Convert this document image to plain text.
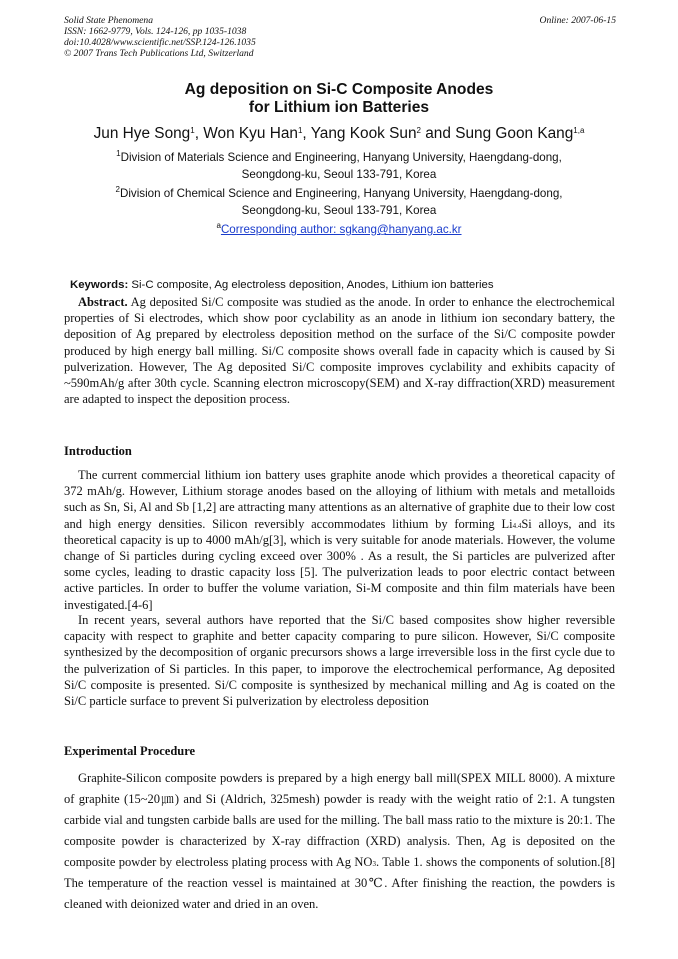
Solid State Phenomena
ISSN: 1662-9779, Vols. 124-126, pp 1035-1038
doi:10.4028/www.scientific.net/SSP.124-126.1035
© 2007 Trans Tech Publications Ltd, Switzerland
Online: 2007-06-15
Ag deposition on Si-C Composite Anodes
for Lithium ion Batteries
Jun Hye Song$^1$, Won Kyu Han$^1$, Yang Kook Sun$^2$ and Sung Goon Kang$^{1,a}$
$^1$Division of Materials Science and Engineering, Hanyang University, Haengdang-dong,
Seongdong-ku, Seoul 133-791, Korea
$^2$Division of Chemical Science and Engineering, Hanyang University, Haengdang-dong,
Seongdong-ku, Seoul 133-791, Korea
$^a$Corresponding author: sgkang@hanyang.ac.kr
Keywords: Si-C composite, Ag electroless deposition, Anodes, Lithium ion batteries
Abstract. Ag deposited Si/C composite was studied as the anode. In order to enhance the electrochemical properties of Si electrodes, which show poor cyclability as an anode in lithium ion secondary battery, the deposition of Ag prepared by electroless deposition method on the surface of the Si/C composite powder produced by high energy ball milling. Si/C composite shows overall fade in capacity which is caused by Si pulverization. However, The Ag deposited Si/C composite improves cyclability and exhibits capacity of ~590mAh/g after 30th cycle. Scanning electron microscopy(SEM) and X-ray diffraction(XRD) measurement are adapted to inspect the deposition process.
Introduction
The current commercial lithium ion battery uses graphite anode which provides a theoretical capacity of 372 mAh/g. However, Lithium storage anodes based on the alloying of lithium with metals and metalloids such as Sn, Si, Al and Sb [1,2] are attracting many attentions as an alternative of graphite due to their low cost and high energy densities. Silicon reversibly accommodates lithium by forming Li4.4Si alloys, and its theoretical capacity is up to 4000 mAh/g[3], which is very suitable for anode materials. However, the volume change of Si particles during cycling exceed over 300% . As a result, the Si particles are pulverized after some cycles, leading to drastic capacity loss [5]. The pulverization leads to poor electric contact between active particles. In order to buffer the volume variation, Si-M composite and thin film materials have been investigated.[4-6]
In recent years, several authors have reported that the Si/C based composites show higher reversible capacity with respect to graphite and better capacity comparing to pure silicon. However, Si/C composite synthesized by the decomposition of organic precursors shows a large irreversible loss in the first cycle due to the pulverization of Si particles. In this paper, to imporove the electrochemical performance, Ag deposited Si/C composite is presented. Si/C composite is synthesized by mechanical milling and Ag is coated on the Si/C particle surface to prevent Si pulverization by electroless deposition
Experimental Procedure
Graphite-Silicon composite powders is prepared by a high energy ball mill(SPEX MILL 8000). A mixture of graphite (15~20㎛) and Si (Aldrich, 325mesh) powder is ready with the weight ratio of 2:1. A tungsten carbide vial and tungsten carbide balls are used for the milling. The ball mass ratio to the mixture is 20:1. The composite powder is characterized by X-ray diffraction (XRD) analysis. Then, Ag is deposited on the composite powder by electroless plating process with Ag NO3. Table 1. shows the components of solution.[8] The temperature of the reaction vessel is maintained at 30℃. After finishing the reaction, the powders is cleaned with deionized water and dried in an oven.
